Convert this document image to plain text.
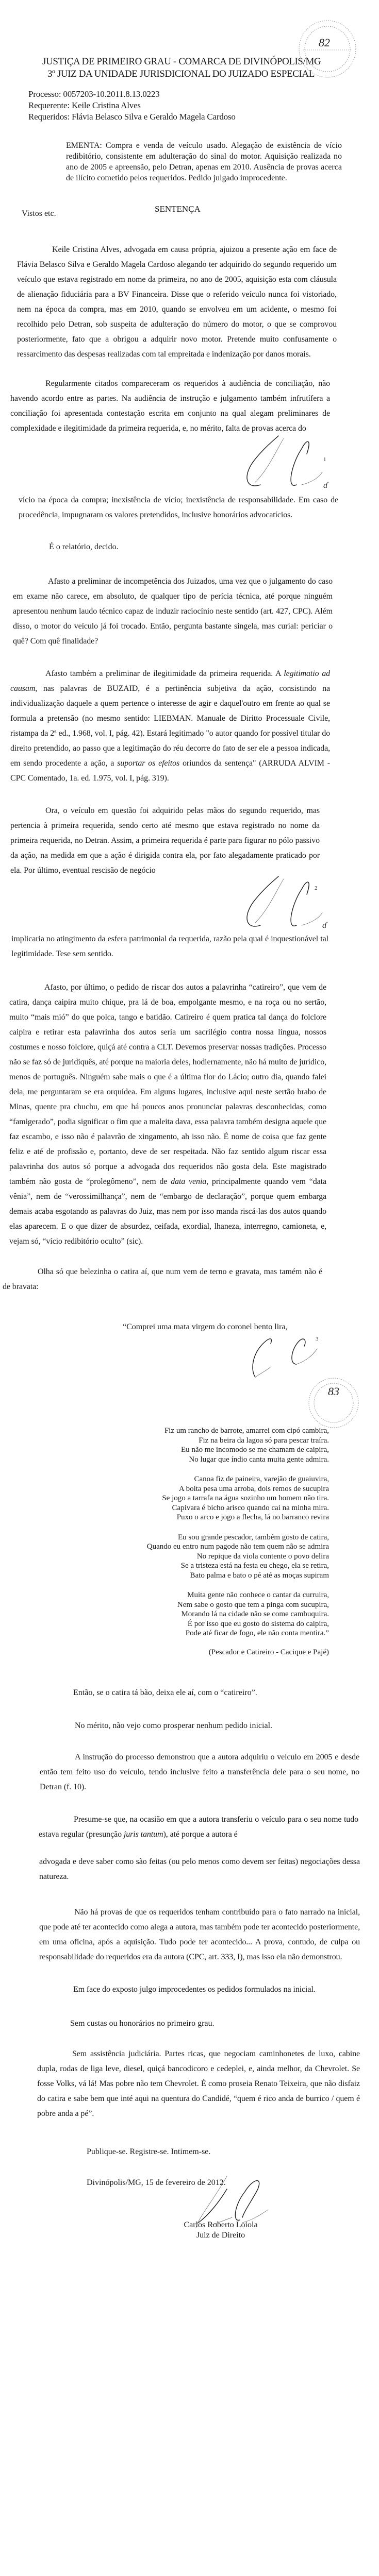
82
JUSTIÇA DE PRIMEIRO GRAU - COMARCA DE DIVINÓPOLIS/MG
3º JUIZ DA UNIDADE JURISDICIONAL DO JUIZADO ESPECIAL
Processo: 0057203-10.2011.8.13.0223
Requerente: Keile Cristina Alves
Requeridos: Flávia Belasco Silva e Geraldo Magela Cardoso

EMENTA: Compra e venda de veículo usado. Alegação de existência de vício redibitório, consistente em adulteração do sinal do motor. Aquisição realizada no ano de 2005 e apreensão, pelo Detran, apenas em 2010. Ausência de provas acerca de ilícito cometido pelos requeridos. Pedido julgado improcedente.

SENTENÇA
Vistos etc.

Keile Cristina Alves, advogada em causa própria, ajuizou a presente ação em face de Flávia Belasco Silva e Geraldo Magela Cardoso alegando ter adquirido do segundo requerido um veículo que estava registrado em nome da primeira, no ano de 2005, aquisição esta com cláusula de alienação fiduciária para a BV Financeira. Disse que o referido veículo nunca foi vistoriado, nem na época da compra, mas em 2010, quando se envolveu em um acidente, o mesmo foi recolhido pelo Detran, sob suspeita de adulteração do número do motor, o que se comprovou posteriormente, fato que a obrigou a adquirir novo motor. Pretende muito confusamente o ressarcimento das despesas realizadas com tal empreitada e indenização por danos morais.

Regularmente citados compareceram os requeridos à audiência de conciliação, não havendo acordo entre as partes. Na audiência de instrução e julgamento também infrutífera a conciliação foi apresentada contestação escrita em conjunto na qual alegam preliminares de complexidade e ilegitimidade da primeira requerida, e, no mérito, falta de provas acerca do

1
ɗ

vício na época da compra; inexistência de vício; inexistência de responsabilidade. Em caso de procedência, impugnaram os valores pretendidos, inclusive honorários advocatícios.

É o relatório, decido.

Afasto a preliminar de incompetência dos Juizados, uma vez que o julgamento do caso em exame não carece, em absoluto, de qualquer tipo de perícia técnica, até porque ninguém apresentou nenhum laudo técnico capaz de induzir raciocínio neste sentido (art. 427, CPC). Além disso, o motor do veículo já foi trocado. Então, pergunta bastante singela, mas curial: periciar o quê? Com quê finalidade?

Afasto também a preliminar de ilegitimidade da primeira requerida. A legitimatio ad causam, nas palavras de BUZAID, é a pertinência subjetiva da ação, consistindo na individualização daquele a quem pertence o interesse de agir e daquel'outro em frente ao qual se formula a pretensão (no mesmo sentido: LIEBMAN. Manuale de Diritto Processuale Civile, ristampa da 2ª ed., 1.968, vol. I, pág. 42). Estará legitimado "o autor quando for possível titular do direito pretendido, ao passo que a legitimação do réu decorre do fato de ser ele a pessoa indicada, em sendo procedente a ação, a suportar os efeitos oriundos da sentença" (ARRUDA ALVIM - CPC Comentado, 1a. ed. 1.975, vol. I, pág. 319).

Ora, o veículo em questão foi adquirido pelas mãos do segundo requerido, mas pertencia à primeira requerida, sendo certo até mesmo que estava registrado no nome da primeira requerida, no Detran. Assim, a primeira requerida é parte para figurar no pólo passivo da ação, na medida em que a ação é dirigida contra ela, por fato alegadamente praticado por ela. Por último, eventual rescisão de negócio

2
ɗ

implicaria no atingimento da esfera patrimonial da requerida, razão pela qual é inquestionável tal legitimidade. Tese sem sentido.

Afasto, por último, o pedido de riscar dos autos a palavrinha “catireiro”, que vem de catira, dança caipira muito chique, pra lá de boa, empolgante mesmo, e na roça ou no sertão, muito “mais mió” do que polca, tango e batidão. Catireiro é quem pratica tal dança do folclore caipira e retirar esta palavrinha dos autos seria um sacrilégio contra nossa língua, nossos costumes e nosso folclore, quiçá até contra a CLT. Devemos preservar nossas tradições. Processo não se faz só de juridiquês, até porque na maioria deles, hodiernamente, não há muito de jurídico, menos de português. Ninguém sabe mais o que é a última flor do Lácio; outro dia, quando falei dela, me perguntaram se era orquídea. Em alguns lugares, inclusive aqui neste sertão brabo de Minas, quente pra chuchu, em que há poucos anos pronunciar palavras desconhecidas, como “famigerado”, podia significar o fim que a maleita dava, essa palavra também designa aquele que faz escambo, e isso não é palavrão de xingamento, ah isso não. É nome de coisa que faz gente feliz e até de profissão e, portanto, deve de ser respeitada. Não faz sentido algum riscar essa palavrinha dos autos só porque a advogada dos requeridos não gosta dela. Este magistrado também não gosta de “prolegômeno”, nem de data venia, principalmente quando vem “data vênia”, nem de “verossimilhança”, nem de “embargo de declaração”, porque quem embarga demais acaba esgotando as palavras do Juiz, mas nem por isso manda riscá-las dos autos quando elas aparecem. E o que dizer de absurdez, ceifada, exordial, lhaneza, interregno, camioneta, e, vejam só, “vício redibitório oculto” (sic).

Olha só que belezinha o catira aí, que num vem de terno e gravata, mas tamém não é de bravata:

“Comprei uma mata virgem do coronel bento lira,
3
83
Fiz um rancho de barrote, amarrei com cipó cambira,
Fiz na beira da lagoa só para pescar traíra.
Eu não me incomodo se me chamam de caipira,
No lugar que índio canta muita gente admira.
Canoa fiz de paineira, varejão de guaiuvira,
A boita pesa uma arroba, dois remos de sucupira
Se jogo a tarrafa na água sozinho um homem não tira.
Capivara é bicho arisco quando cai na minha mira.
Puxo o arco e jogo a flecha, lá no barranco revira
Eu sou grande pescador, também gosto de catira,
Quando eu entro num pagode não tem quem não se admira
No repique da viola contente o povo delira
Se a tristeza está na festa eu chego, ela se retira,
Bato palma e bato o pé até as moças supiram
Muita gente não conhece o cantar da curruira,
Nem sabe o gosto que tem a pinga com sucupira,
Morando lá na cidade não se come cambuquira.
É por isso que eu gosto do sistema do caipira,
Pode até ficar de fogo, ele não conta mentira.”
(Pescador e Catireiro - Cacique e Pajé)
Então, se o catira tá bão, deixa ele aí, com o “catireiro”.
No mérito, não vejo como prosperar nenhum pedido inicial.

A instrução do processo demonstrou que a autora adquiriu o veículo em 2005 e desde então tem feito uso do veículo, tendo inclusive feito a transferência dele para o seu nome, no Detran (f. 10).

Presume-se que, na ocasião em que a autora transferiu o veículo para o seu nome tudo estava regular (presunção juris tantum), até porque a autora é

advogada e deve saber como são feitas (ou pelo menos como devem ser feitas) negociações dessa natureza.

Não há provas de que os requeridos tenham contribuído para o fato narrado na inicial, que pode até ter acontecido como alega a autora, mas também pode ter acontecido posteriormente, em uma oficina, após a aquisição. Tudo pode ter acontecido... A prova, contudo, de culpa ou responsabilidade do requeridos era da autora (CPC, art. 333, I), mas isso ela não demonstrou.

Em face do exposto julgo improcedentes os pedidos formulados na inicial.

Sem custas ou honorários no primeiro grau.

Sem assistência judiciária. Partes ricas, que negociam caminhonetes de luxo, cabine dupla, rodas de liga leve, diesel, quiçá bancodicoro e cedeplei, e, ainda melhor, da Chevrolet. Se fosse Volks, vá lá! Mas pobre não tem Chevrolet. É como proseia Renato Teixeira, que não disfaiz do catira e sabe bem que inté aqui na quentura do Candidé, “quem é rico anda de burrico / quem é pobre anda a pé”.

Publique-se. Registre-se. Intimem-se.
Divinópolis/MG, 15 de fevereiro de 2012.
Carlos Roberto Loiola
Juiz de Direito
